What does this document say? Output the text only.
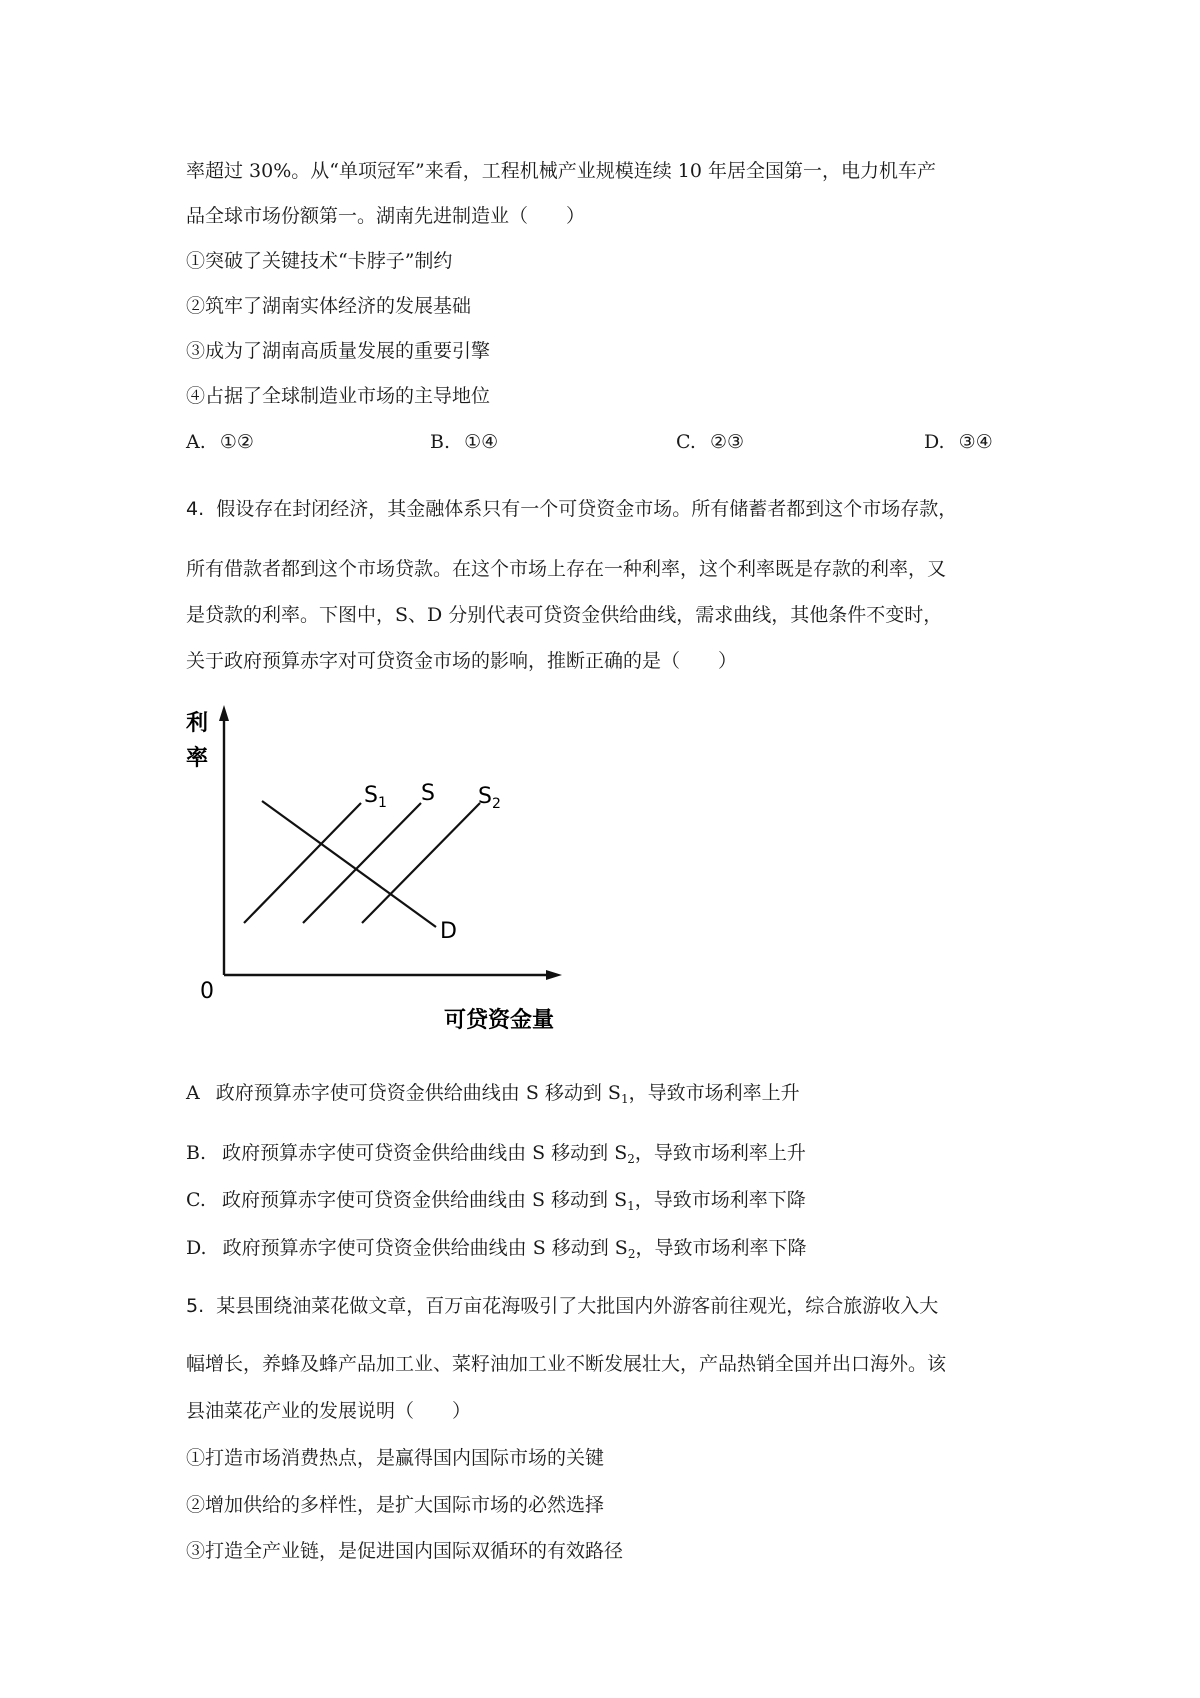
率超过 30%。从“单项冠军”来看，工程机械产业规模连续 10 年居全国第一，电力机车产
品全球市场份额第一。湖南先进制造业（　　）
①突破了关键技术“卡脖子”制约
②筑牢了湖南实体经济的发展基础
③成为了湖南高质量发展的重要引擎
④占据了全球制造业市场的主导地位
A. ①②	B. ①④	C. ②③	D. ③④
4. 假设存在封闭经济，其金融体系只有一个可贷资金市场。所有储蓄者都到这个市场存款，
所有借款者都到这个市场贷款。在这个市场上存在一种利率，这个利率既是存款的利率，又
是贷款的利率。下图中，S、D 分别代表可贷资金供给曲线，需求曲线，其他条件不变时，
关于政府预算赤字对可贷资金市场的影响，推断正确的是（　　）
利
率
0
可贷资金量
$S_1$ S $S_2$
D
A 政府预算赤字使可贷资金供给曲线由 S 移动到 $S_1$，导致市场利率上升
B. 政府预算赤字使可贷资金供给曲线由 S 移动到 $S_2$，导致市场利率上升
C. 政府预算赤字使可贷资金供给曲线由 S 移动到 $S_1$，导致市场利率下降
D. 政府预算赤字使可贷资金供给曲线由 S 移动到 $S_2$，导致市场利率下降
5. 某县围绕油菜花做文章，百万亩花海吸引了大批国内外游客前往观光，综合旅游收入大
幅增长，养蜂及蜂产品加工业、菜籽油加工业不断发展壮大，产品热销全国并出口海外。该
县油菜花产业的发展说明（　　）
①打造市场消费热点，是赢得国内国际市场的关键
②增加供给的多样性，是扩大国际市场的必然选择
③打造全产业链，是促进国内国际双循环的有效路径
